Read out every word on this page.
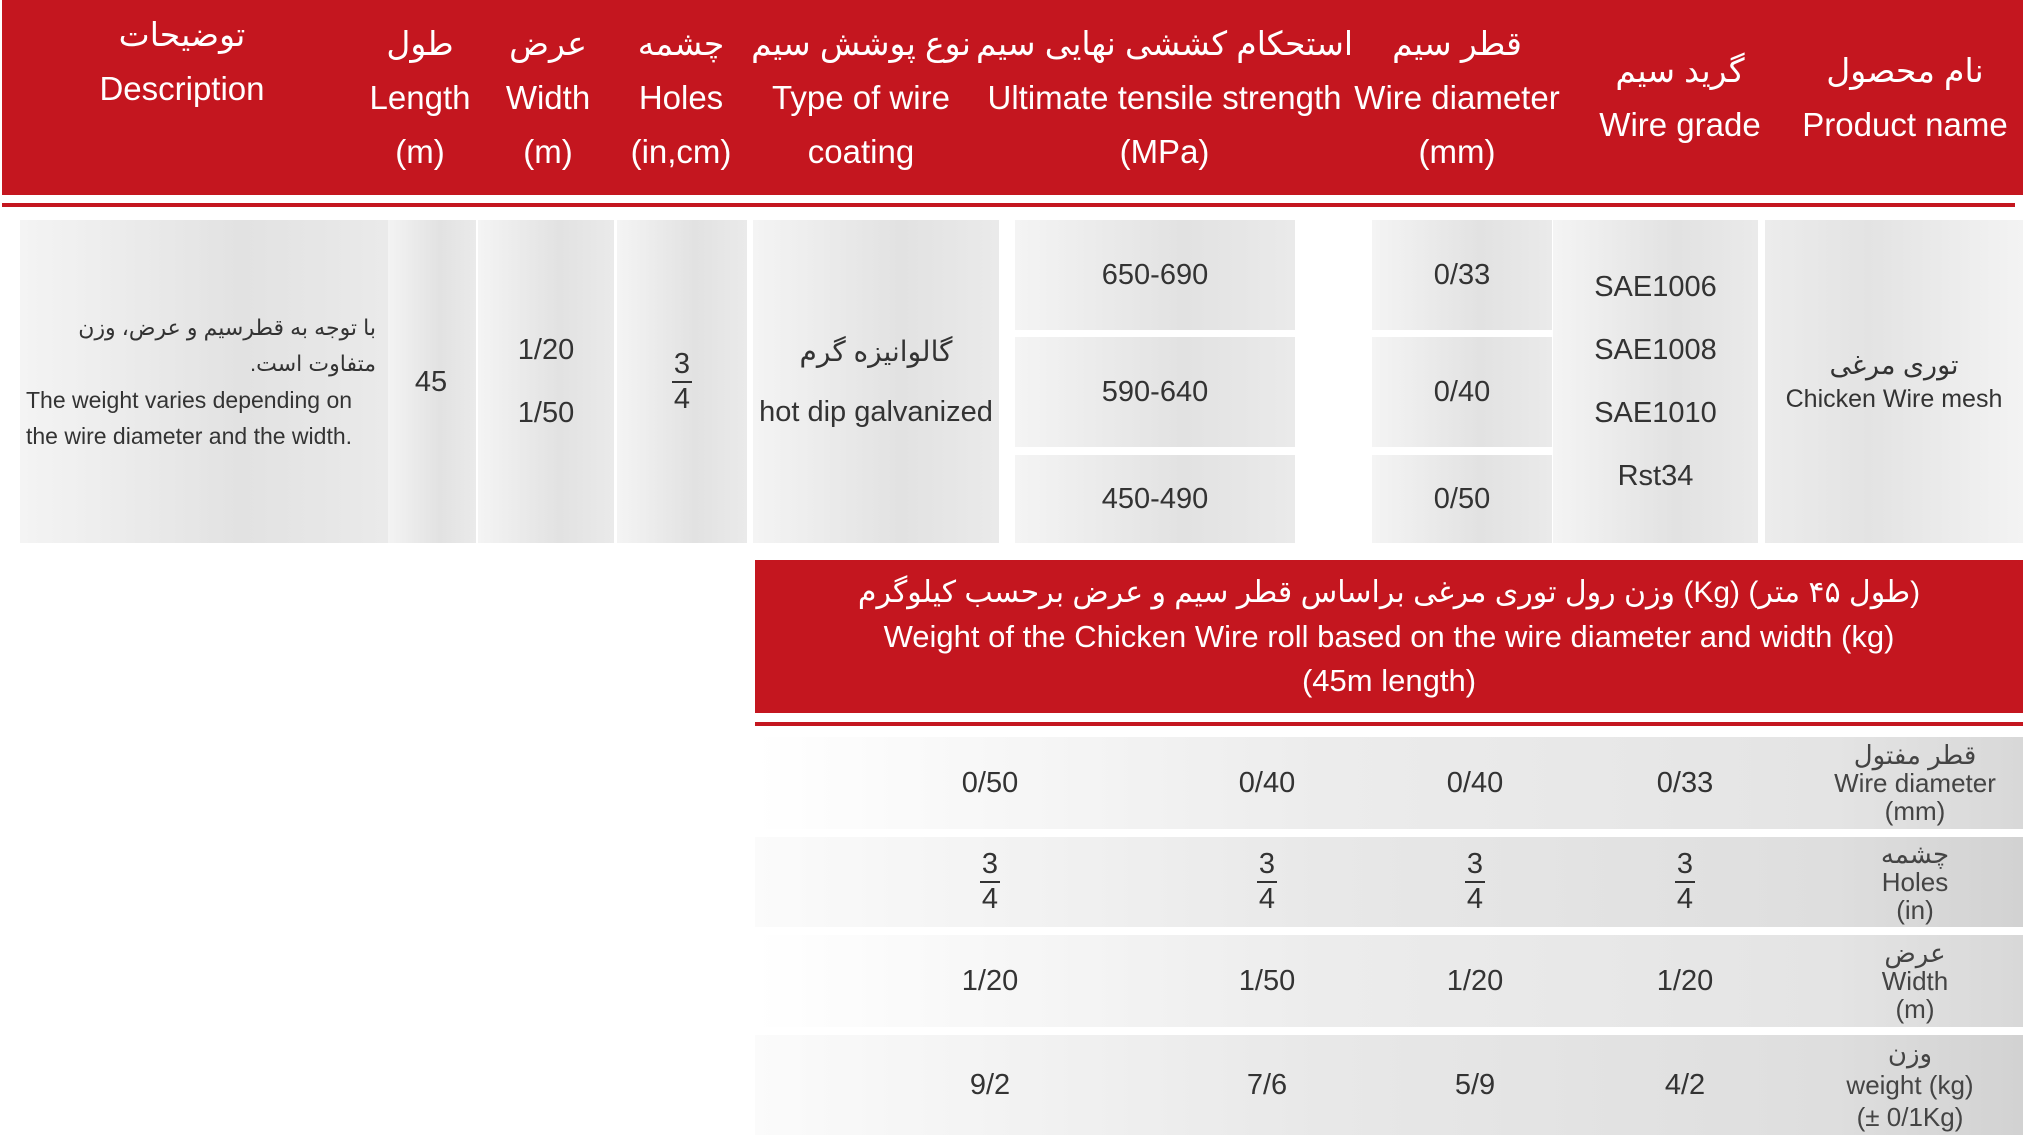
نام محصول
Product name
گرید سیم
Wire grade
قطر سیم
Wire diameter
(mm)
استحکام کششی نهایی سیم
Ultimate tensile strength
(MPa)
نوع پوشش سیم
Type of wire
coating
چشمه
Holes
(in,cm)
عرض
Width
(m)
طول
Length
(m)
توضیحات
Description
توری مرغی
Chicken Wire mesh
SAE1006
SAE1008
SAE1010
Rst34
0/33
0/40
0/50
650-690
590-640
450-490
گالوانیزه گرم
hot dip galvanized
$\frac{3}{4}$
1/20
1/50
45
با توجه به قطرسیم و عرض، وزن متفاوت است.
The weight varies depending on the wire diameter and the width.
وزن رول توری مرغی براساس قطر سیم و عرض برحسب کیلوگرم (Kg) (طول ۴۵ متر)
Weight of the Chicken Wire roll based on the wire diameter and width (kg)
(45m length)
قطر مفتول
Wire diameter
(mm)
0/33
0/40
0/40
0/50
چشمه
Holes
(in)
$\frac{3}{4}$
$\frac{3}{4}$
$\frac{3}{4}$
$\frac{3}{4}$
عرض
Width
(m)
1/20
1/20
1/50
1/20
وزن
weight (kg)
(± 0/1Kg)
4/2
5/9
7/6
9/2
